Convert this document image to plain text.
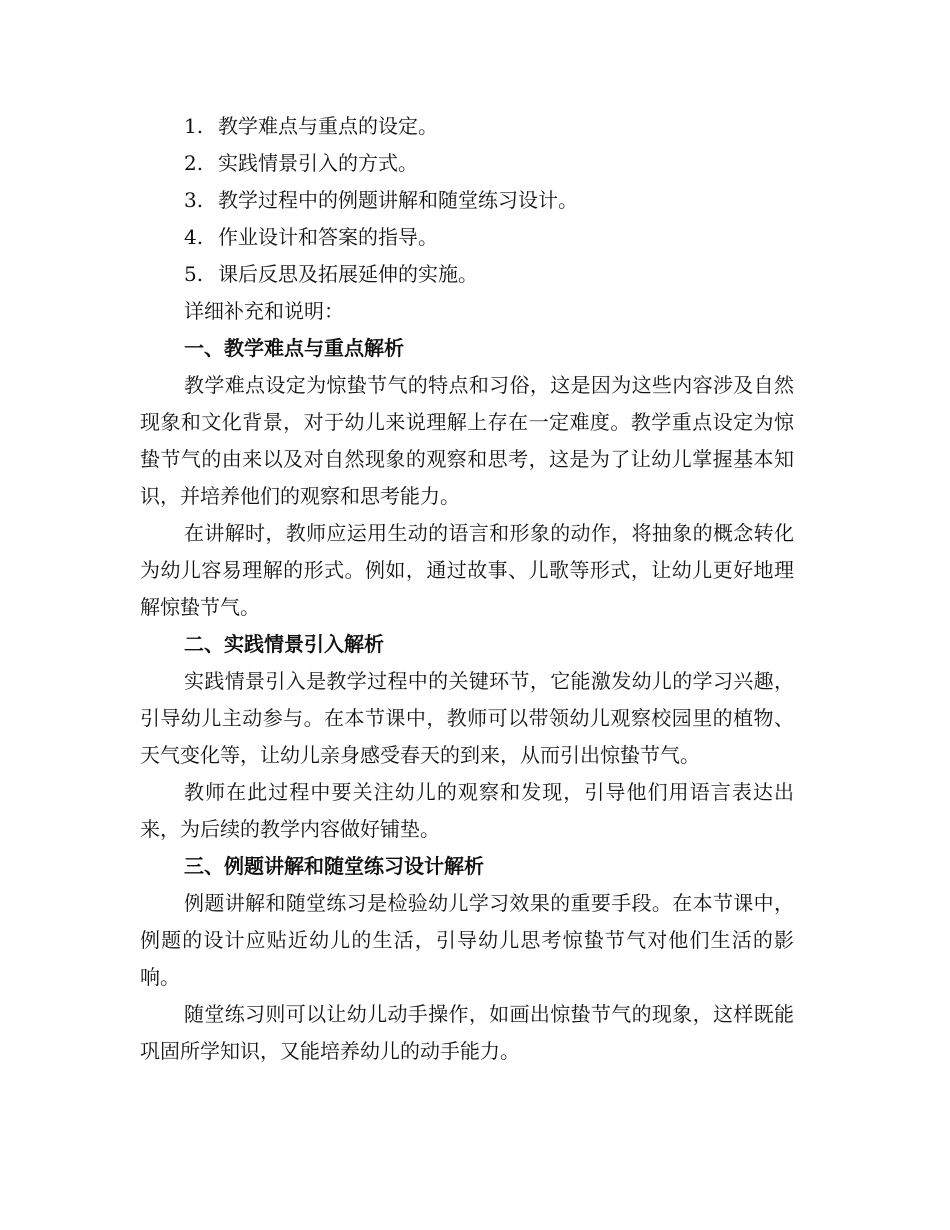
1. 教学难点与重点的设定。
2. 实践情景引入的方式。
3. 教学过程中的例题讲解和随堂练习设计。
4. 作业设计和答案的指导。
5. 课后反思及拓展延伸的实施。
详细补充和说明：
一、教学难点与重点解析

教学难点设定为惊蛰节气的特点和习俗，这是因为这些内容涉及自然现象和文化背景，对于幼儿来说理解上存在一定难度。教学重点设定为惊蛰节气的由来以及对自然现象的观察和思考，这是为了让幼儿掌握基本知识，并培养他们的观察和思考能力。

在讲解时，教师应运用生动的语言和形象的动作，将抽象的概念转化为幼儿容易理解的形式。例如，通过故事、儿歌等形式，让幼儿更好地理解惊蛰节气。

二、实践情景引入解析

实践情景引入是教学过程中的关键环节，它能激发幼儿的学习兴趣，引导幼儿主动参与。在本节课中，教师可以带领幼儿观察校园里的植物、天气变化等，让幼儿亲身感受春天的到来，从而引出惊蛰节气。

教师在此过程中要关注幼儿的观察和发现，引导他们用语言表达出来，为后续的教学内容做好铺垫。

三、例题讲解和随堂练习设计解析

例题讲解和随堂练习是检验幼儿学习效果的重要手段。在本节课中，例题的设计应贴近幼儿的生活，引导幼儿思考惊蛰节气对他们生活的影响。

随堂练习则可以让幼儿动手操作，如画出惊蛰节气的现象，这样既能巩固所学知识，又能培养幼儿的动手能力。
